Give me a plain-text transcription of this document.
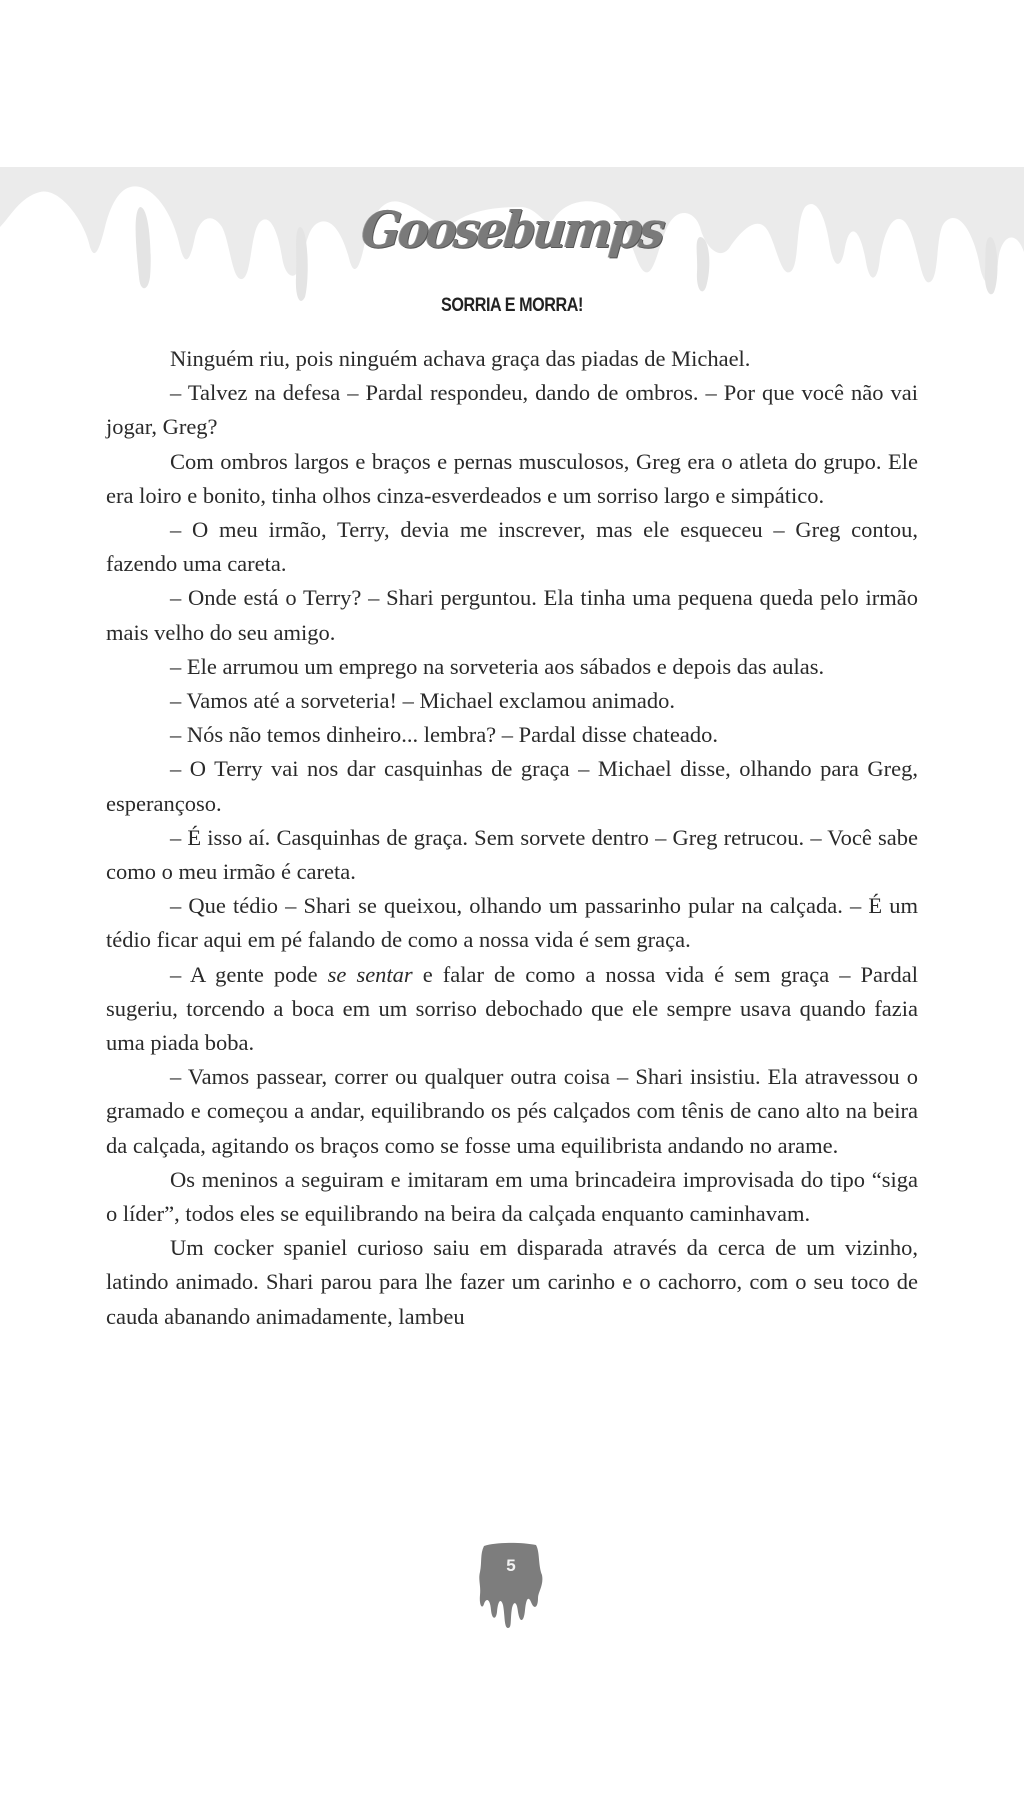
Goosebumps
SORRIA E MORRA!

Ninguém riu, pois ninguém achava graça das piadas de Michael.

– Talvez na defesa – Pardal respondeu, dando de ombros. – Por que você não vai jogar, Greg?

Com ombros largos e braços e pernas musculosos, Greg era o atleta do grupo. Ele era loiro e bonito, tinha olhos cinza-esverdeados e um sorriso largo e simpático.

– O meu irmão, Terry, devia me inscrever, mas ele esqueceu – Greg contou, fazendo uma careta.

– Onde está o Terry? – Shari perguntou. Ela tinha uma pequena queda pelo irmão mais velho do seu amigo.

– Ele arrumou um emprego na sorveteria aos sábados e depois das aulas.

– Vamos até a sorveteria! – Michael exclamou animado.

– Nós não temos dinheiro... lembra? – Pardal disse chateado.

– O Terry vai nos dar casquinhas de graça – Michael disse, olhando para Greg, esperançoso.

– É isso aí. Casquinhas de graça. Sem sorvete dentro – Greg retrucou. – Você sabe como o meu irmão é careta.

– Que tédio – Shari se queixou, olhando um passarinho pular na calçada. – É um tédio ficar aqui em pé falando de como a nossa vida é sem graça.

– A gente pode se sentar e falar de como a nossa vida é sem graça – Pardal sugeriu, torcendo a boca em um sorriso debochado que ele sempre usava quando fazia uma piada boba.

– Vamos passear, correr ou qualquer outra coisa – Shari insistiu. Ela atravessou o gramado e começou a andar, equilibrando os pés calçados com tênis de cano alto na beira da calçada, agitando os braços como se fosse uma equilibrista andando no arame.

Os meninos a seguiram e imitaram em uma brincadeira improvisada do tipo “siga o líder”, todos eles se equilibrando na beira da calçada enquanto caminhavam.

Um cocker spaniel curioso saiu em disparada através da cerca de um vizinho, latindo animado. Shari parou para lhe fazer um carinho e o cachorro, com o seu toco de cauda abanando animadamente, lambeu

5
